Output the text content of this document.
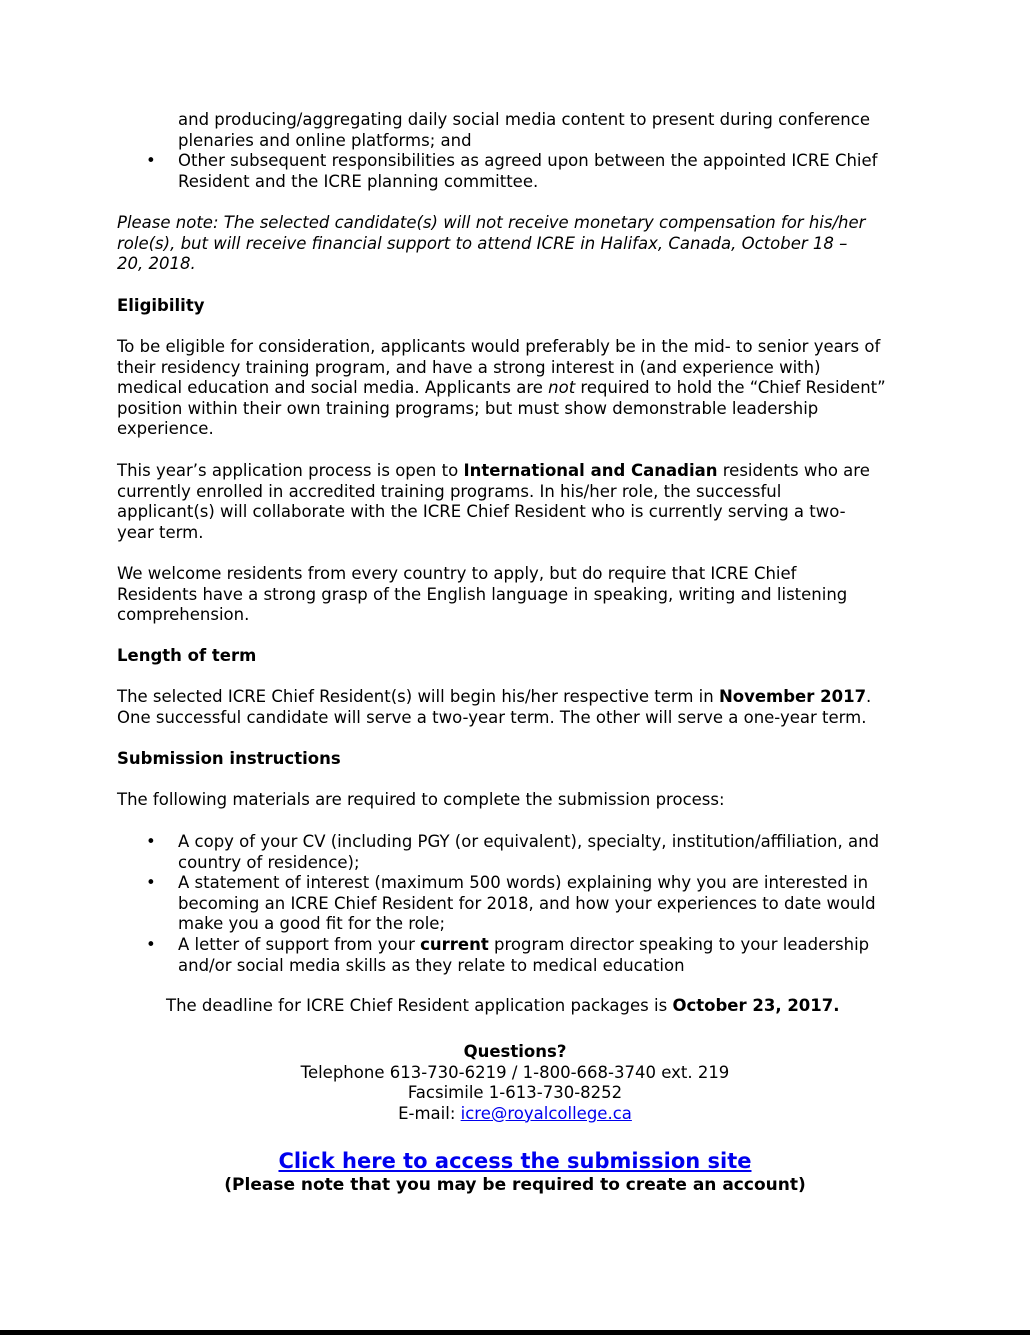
and producing/aggregating daily social media content to present during conference
plenaries and online platforms; and
• Other subsequent responsibilities as agreed upon between the appointed ICRE Chief
Resident and the ICRE planning committee.
Please note: The selected candidate(s) will not receive monetary compensation for his/her
role(s), but will receive financial support to attend ICRE in Halifax, Canada, October 18 –
20, 2018.
Eligibility
To be eligible for consideration, applicants would preferably be in the mid- to senior years of
their residency training program, and have a strong interest in (and experience with)
medical education and social media. Applicants are not required to hold the “Chief Resident”
position within their own training programs; but must show demonstrable leadership
experience.
This year’s application process is open to International and Canadian residents who are
currently enrolled in accredited training programs. In his/her role, the successful
applicant(s) will collaborate with the ICRE Chief Resident who is currently serving a two-
year term.
We welcome residents from every country to apply, but do require that ICRE Chief
Residents have a strong grasp of the English language in speaking, writing and listening
comprehension.
Length of term
The selected ICRE Chief Resident(s) will begin his/her respective term in November 2017.
One successful candidate will serve a two-year term. The other will serve a one-year term.
Submission instructions
The following materials are required to complete the submission process:
• A copy of your CV (including PGY (or equivalent), specialty, institution/affiliation, and
country of residence);
• A statement of interest (maximum 500 words) explaining why you are interested in
becoming an ICRE Chief Resident for 2018, and how your experiences to date would
make you a good fit for the role;
• A letter of support from your current program director speaking to your leadership
and/or social media skills as they relate to medical education
The deadline for ICRE Chief Resident application packages is October 23, 2017.
Questions?
Telephone 613-730-6219 / 1-800-668-3740 ext. 219
Facsimile 1-613-730-8252
E-mail: icre@royalcollege.ca
Click here to access the submission site
(Please note that you may be required to create an account)
